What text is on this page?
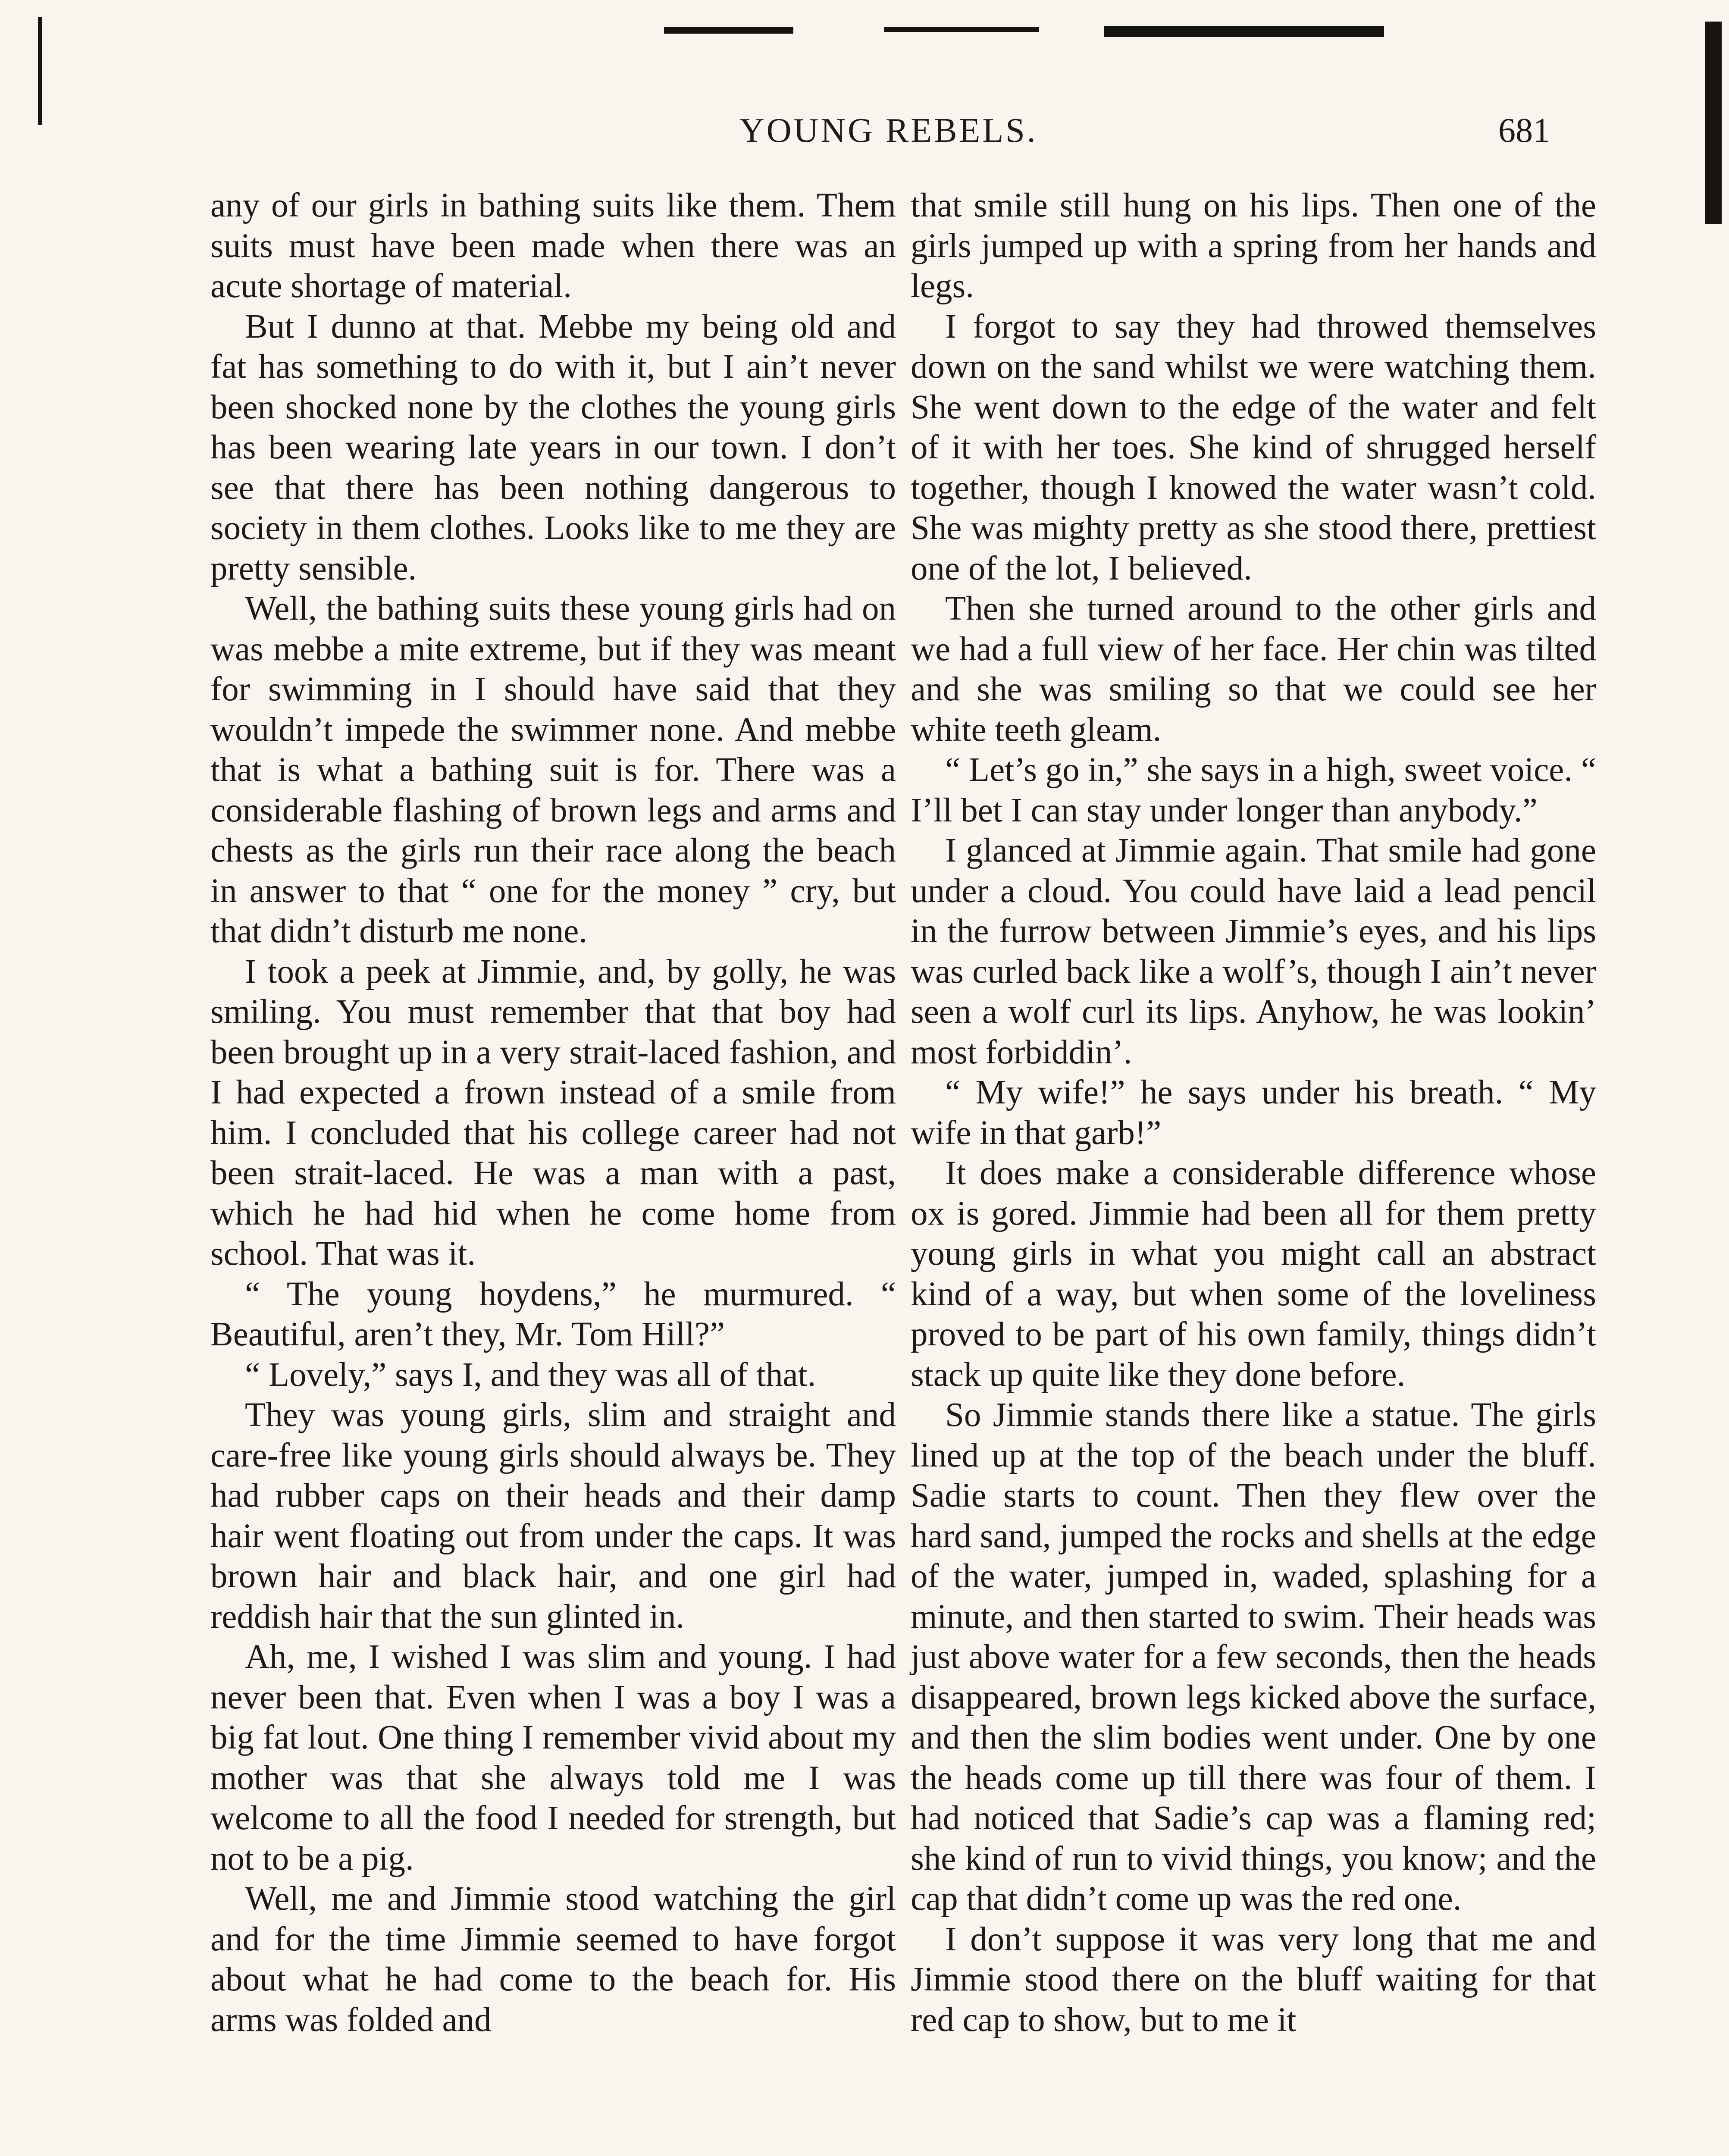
YOUNG REBELS.	681

any of our girls in bathing suits like them. Them suits must have been made when there was an acute shortage of material.

But I dunno at that. Mebbe my being old and fat has something to do with it, but I ain’t never been shocked none by the clothes the young girls has been wearing late years in our town. I don’t see that there has been nothing dangerous to society in them clothes. Looks like to me they are pretty sensible.

Well, the bathing suits these young girls had on was mebbe a mite extreme, but if they was meant for swimming in I should have said that they wouldn’t impede the swimmer none. And mebbe that is what a bathing suit is for. There was a considerable flashing of brown legs and arms and chests as the girls run their race along the beach in answer to that “ one for the money ” cry, but that didn’t disturb me none.

I took a peek at Jimmie, and, by golly, he was smiling. You must remember that that boy had been brought up in a very strait-laced fashion, and I had expected a frown instead of a smile from him. I concluded that his college career had not been strait-laced. He was a man with a past, which he had hid when he come home from school. That was it.

“ The young hoydens,” he murmured. “ Beautiful, aren’t they, Mr. Tom Hill?”

“ Lovely,” says I, and they was all of that.

They was young girls, slim and straight and care-free like young girls should always be. They had rubber caps on their heads and their damp hair went floating out from under the caps. It was brown hair and black hair, and one girl had reddish hair that the sun glinted in.

Ah, me, I wished I was slim and young. I had never been that. Even when I was a boy I was a big fat lout. One thing I remember vivid about my mother was that she always told me I was welcome to all the food I needed for strength, but not to be a pig.

Well, me and Jimmie stood watching the girl and for the time Jimmie seemed to have forgot about what he had come to the beach for. His arms was folded and

that smile still hung on his lips. Then one of the girls jumped up with a spring from her hands and legs.

I forgot to say they had throwed themselves down on the sand whilst we were watching them. She went down to the edge of the water and felt of it with her toes. She kind of shrugged herself together, though I knowed the water wasn’t cold. She was mighty pretty as she stood there, prettiest one of the lot, I believed.

Then she turned around to the other girls and we had a full view of her face. Her chin was tilted and she was smiling so that we could see her white teeth gleam.

“ Let’s go in,” she says in a high, sweet voice. “ I’ll bet I can stay under longer than anybody.”

I glanced at Jimmie again. That smile had gone under a cloud. You could have laid a lead pencil in the furrow between Jimmie’s eyes, and his lips was curled back like a wolf’s, though I ain’t never seen a wolf curl its lips. Anyhow, he was lookin’ most forbiddin’.

“ My wife!” he says under his breath. “ My wife in that garb!”

It does make a considerable difference whose ox is gored. Jimmie had been all for them pretty young girls in what you might call an abstract kind of a way, but when some of the loveliness proved to be part of his own family, things didn’t stack up quite like they done before.

So Jimmie stands there like a statue. The girls lined up at the top of the beach under the bluff. Sadie starts to count. Then they flew over the hard sand, jumped the rocks and shells at the edge of the water, jumped in, waded, splashing for a minute, and then started to swim. Their heads was just above water for a few seconds, then the heads disappeared, brown legs kicked above the surface, and then the slim bodies went under. One by one the heads come up till there was four of them. I had noticed that Sadie’s cap was a flaming red; she kind of run to vivid things, you know; and the cap that didn’t come up was the red one.

I don’t suppose it was very long that me and Jimmie stood there on the bluff waiting for that red cap to show, but to me it
